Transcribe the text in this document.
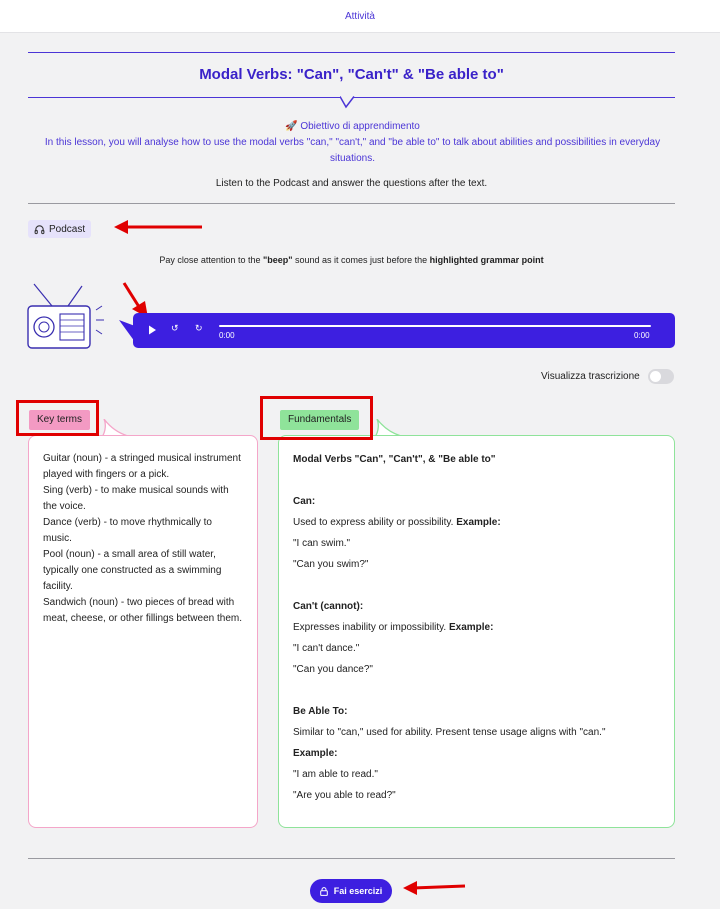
Attività
Modal Verbs: "Can", "Can't" & "Be able to"
🚀 Obiettivo di apprendimento
In this lesson, you will analyse how to use the modal verbs "can," "can't," and "be able to" to talk about abilities and possibilities in everyday situations.
Listen to the Podcast and answer the questions after the text.
Podcast
Pay close attention to the "beep" sound as it comes just before the highlighted grammar point
↺ ↻
0:00	0:00
Visualizza trascrizione
Guitar (noun) - a stringed musical instrument played with fingers or a pick.
Sing (verb) - to make musical sounds with the voice.
Dance (verb) - to move rhythmically to music.
Pool (noun) - a small area of still water, typically one constructed as a swimming facility.
Sandwich (noun) - two pieces of bread with meat, cheese, or other fillings between them.
Key terms

Modal Verbs "Can", "Can't", & "Be able to"

Can:

Used to express ability or possibility. Example:

"I can swim."

"Can you swim?"

Can't (cannot):

Expresses inability or impossibility. Example:

"I can't dance."

"Can you dance?"

Be Able To:

Similar to "can," used for ability. Present tense usage aligns with "can."

Example:

"I am able to read."

"Are you able to read?"

Fundamentals
Fai esercizi
